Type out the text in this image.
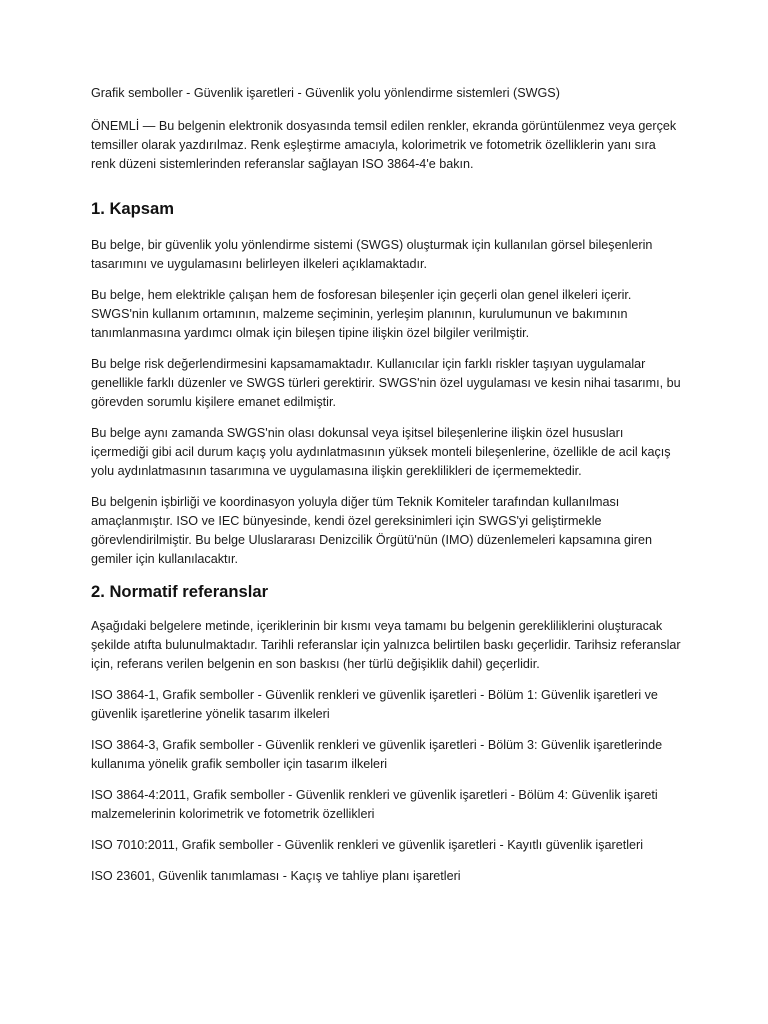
Grafik semboller - Güvenlik işaretleri - Güvenlik yolu yönlendirme sistemleri (SWGS)

ÖNEMLİ — Bu belgenin elektronik dosyasında temsil edilen renkler, ekranda görüntülenmez veya gerçek temsiller olarak yazdırılmaz. Renk eşleştirme amacıyla, kolorimetrik ve fotometrik özelliklerin yanı sıra renk düzeni sistemlerinden referanslar sağlayan ISO 3864-4'e bakın.

1. Kapsam

Bu belge, bir güvenlik yolu yönlendirme sistemi (SWGS) oluşturmak için kullanılan görsel bileşenlerin tasarımını ve uygulamasını belirleyen ilkeleri açıklamaktadır.

Bu belge, hem elektrikle çalışan hem de fosforesan bileşenler için geçerli olan genel ilkeleri içerir. SWGS'nin kullanım ortamının, malzeme seçiminin, yerleşim planının, kurulumunun ve bakımının tanımlanmasına yardımcı olmak için bileşen tipine ilişkin özel bilgiler verilmiştir.

Bu belge risk değerlendirmesini kapsamamaktadır. Kullanıcılar için farklı riskler taşıyan uygulamalar genellikle farklı düzenler ve SWGS türleri gerektirir. SWGS'nin özel uygulaması ve kesin nihai tasarımı, bu görevden sorumlu kişilere emanet edilmiştir.

Bu belge aynı zamanda SWGS'nin olası dokunsal veya işitsel bileşenlerine ilişkin özel hususları içermediği gibi acil durum kaçış yolu aydınlatmasının yüksek monteli bileşenlerine, özellikle de acil kaçış yolu aydınlatmasının tasarımına ve uygulamasına ilişkin gereklilikleri de içermemektedir.

Bu belgenin işbirliği ve koordinasyon yoluyla diğer tüm Teknik Komiteler tarafından kullanılması amaçlanmıştır. ISO ve IEC bünyesinde, kendi özel gereksinimleri için SWGS'yi geliştirmekle görevlendirilmiştir. Bu belge Uluslararası Denizcilik Örgütü'nün (IMO) düzenlemeleri kapsamına giren gemiler için kullanılacaktır.

2. Normatif referanslar

Aşağıdaki belgelere metinde, içeriklerinin bir kısmı veya tamamı bu belgenin gerekliliklerini oluşturacak şekilde atıfta bulunulmaktadır. Tarihli referanslar için yalnızca belirtilen baskı geçerlidir. Tarihsiz referanslar için, referans verilen belgenin en son baskısı (her türlü değişiklik dahil) geçerlidir.

ISO 3864-1, Grafik semboller - Güvenlik renkleri ve güvenlik işaretleri - Bölüm 1: Güvenlik işaretleri ve güvenlik işaretlerine yönelik tasarım ilkeleri

ISO 3864-3, Grafik semboller - Güvenlik renkleri ve güvenlik işaretleri - Bölüm 3: Güvenlik işaretlerinde kullanıma yönelik grafik semboller için tasarım ilkeleri

ISO 3864-4:2011, Grafik semboller - Güvenlik renkleri ve güvenlik işaretleri - Bölüm 4: Güvenlik işareti malzemelerinin kolorimetrik ve fotometrik özellikleri

ISO 7010:2011, Grafik semboller - Güvenlik renkleri ve güvenlik işaretleri - Kayıtlı güvenlik işaretleri

ISO 23601, Güvenlik tanımlaması - Kaçış ve tahliye planı işaretleri
